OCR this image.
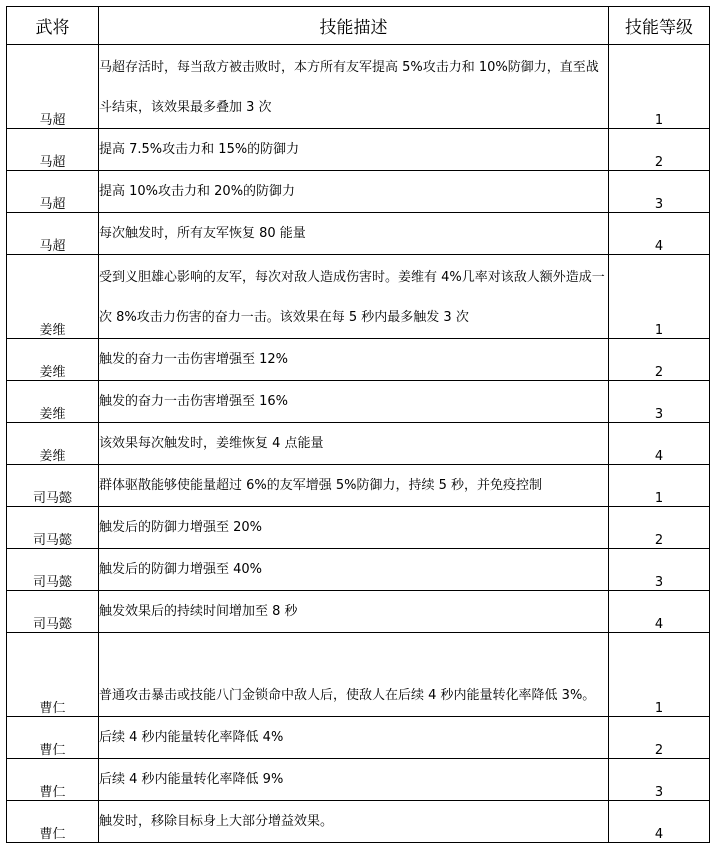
武将	技能描述	技能等级
马超	马超存活时，每当敌方被击败时，本方所有友军提高 5%攻击力和 10%防御力，直至战斗结束，该效果最多叠加 3 次	1
马超	提高 7.5%攻击力和 15%的防御力	2
马超	提高 10%攻击力和 20%的防御力	3
马超	每次触发时，所有友军恢复 80 能量	4
姜维	受到义胆雄心影响的友军，每次对敌人造成伤害时。姜维有 4%几率对该敌人额外造成一次 8%攻击力伤害的奋力一击。该效果在每 5 秒内最多触发 3 次	1
姜维	触发的奋力一击伤害增强至 12%	2
姜维	触发的奋力一击伤害增强至 16%	3
姜维	该效果每次触发时，姜维恢复 4 点能量	4
司马懿	群体驱散能够使能量超过 6%的友军增强 5%防御力，持续 5 秒，并免疫控制	1
司马懿	触发后的防御力增强至 20%	2
司马懿	触发后的防御力增强至 40%	3
司马懿	触发效果后的持续时间增加至 8 秒	4
曹仁	普通攻击暴击或技能八门金锁命中敌人后，使敌人在后续 4 秒内能量转化率降低 3%。	1
曹仁	后续 4 秒内能量转化率降低 4%	2
曹仁	后续 4 秒内能量转化率降低 9%	3
曹仁	触发时，移除目标身上大部分增益效果。	4
